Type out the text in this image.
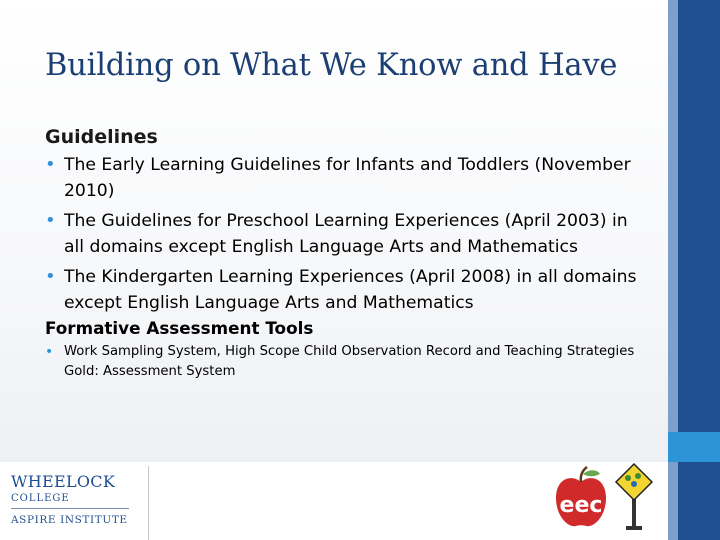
Building on What We Know and Have
Guidelines
• The Early Learning Guidelines for Infants and Toddlers (November 2010)
• The Guidelines for Preschool Learning Experiences (April 2003) in all domains except English Language Arts and Mathematics
• The Kindergarten Learning Experiences (April 2008) in all domains except English Language Arts and Mathematics
Formative Assessment Tools
• Work Sampling System, High Scope Child Observation Record and Teaching Strategies Gold: Assessment System
WHEELOCK
COLLEGE
ASPIRE INSTITUTE
eec
